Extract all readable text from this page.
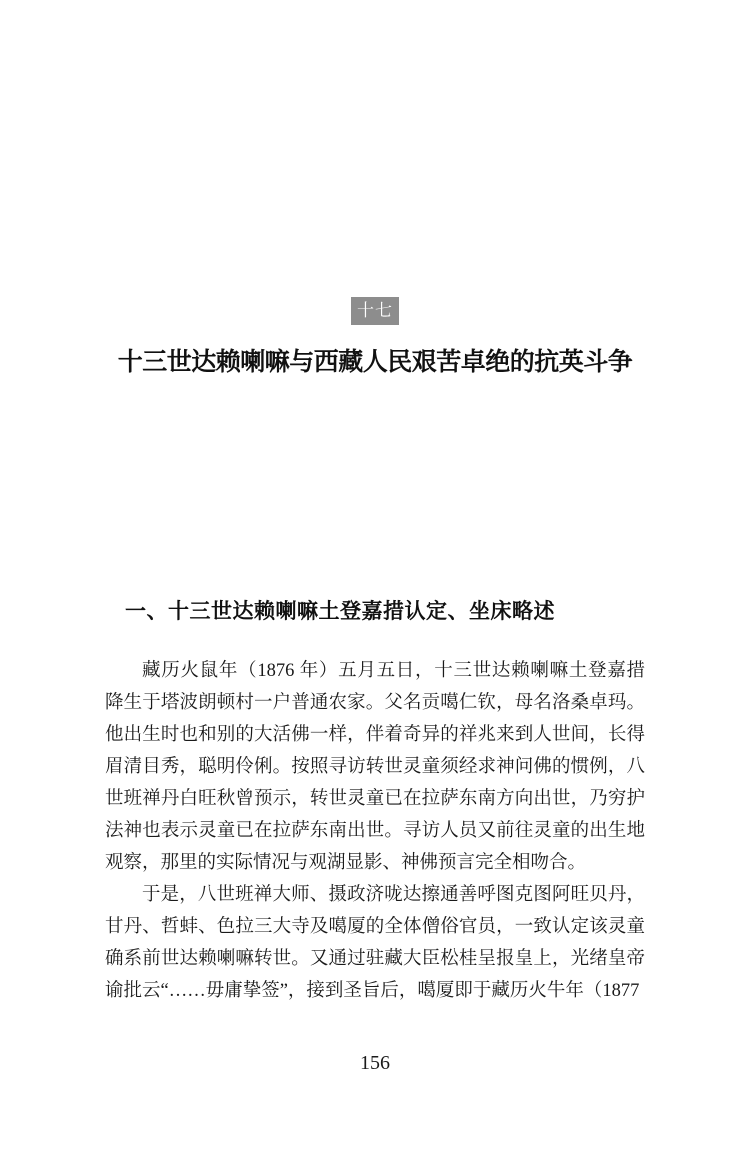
十七
十三世达赖喇嘛与西藏人民艰苦卓绝的抗英斗争
一、十三世达赖喇嘛土登嘉措认定、坐床略述

藏历火鼠年（1876 年）五月五日，十三世达赖喇嘛土登嘉措降生于塔波朗顿村一户普通农家。父名贡噶仁钦，母名洛桑卓玛。他出生时也和别的大活佛一样，伴着奇异的祥兆来到人世间，长得眉清目秀，聪明伶俐。按照寻访转世灵童须经求神问佛的惯例，八世班禅丹白旺秋曾预示，转世灵童已在拉萨东南方向出世，乃穷护法神也表示灵童已在拉萨东南出世。寻访人员又前往灵童的出生地观察，那里的实际情况与观湖显影、神佛预言完全相吻合。

于是，八世班禅大师、摄政济咙达擦通善呼图克图阿旺贝丹，甘丹、哲蚌、色拉三大寺及噶厦的全体僧俗官员，一致认定该灵童确系前世达赖喇嘛转世。又通过驻藏大臣松桂呈报皇上，光绪皇帝谕批云“……毋庸挚签”，接到圣旨后，噶厦即于藏历火牛年（1877

156
